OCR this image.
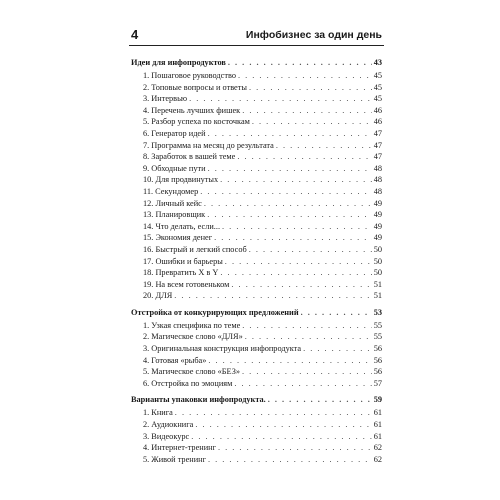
4	Инфобизнес за один день
Идеи для инфопродуктов . . .	43
1. Пошаговое руководство . . .	45
2. Топовые вопросы и ответы . . .	45
3. Интервью . . .	45
4. Перечень лучших фишек . . .	46
5. Разбор успеха по косточкам . . .	46
6. Генератор идей . . .	47
7. Программа на месяц до результата . . .	47
8. Заработок в вашей теме . . .	47
9. Обходные пути . . .	48
10. Для продвинутых . . .	48
11. Секундомер . . .	48
12. Личный кейс . . .	49
13. Планировщик . . .	49
14. Что делать, если... . . .	49
15. Экономия денег . . .	49
16. Быстрый и легкий способ . . .	50
17. Ошибки и барьеры . . .	50
18. Превратить X в Y . . .	50
19. На всем готовеньком . . .	51
20. ДЛЯ . . .	51
Отстройка от конкурирующих предложений . . .	53
1. Узкая специфика по теме . . .	55
2. Магическое слово «ДЛЯ» . . .	55
3. Оригинальная конструкция инфопродукта . . .	56
4. Готовая «рыба» . . .	56
5. Магическое слово «БЕЗ» . . .	56
6. Отстройка по эмоциям . . .	57
Варианты упаковки инфопродукта. . . .	59
1. Книга . . .	61
2. Аудиокнига . . .	61
3. Видеокурс . . .	61
4. Интернет-тренинг . . .	62
5. Живой тренинг . . .	62
